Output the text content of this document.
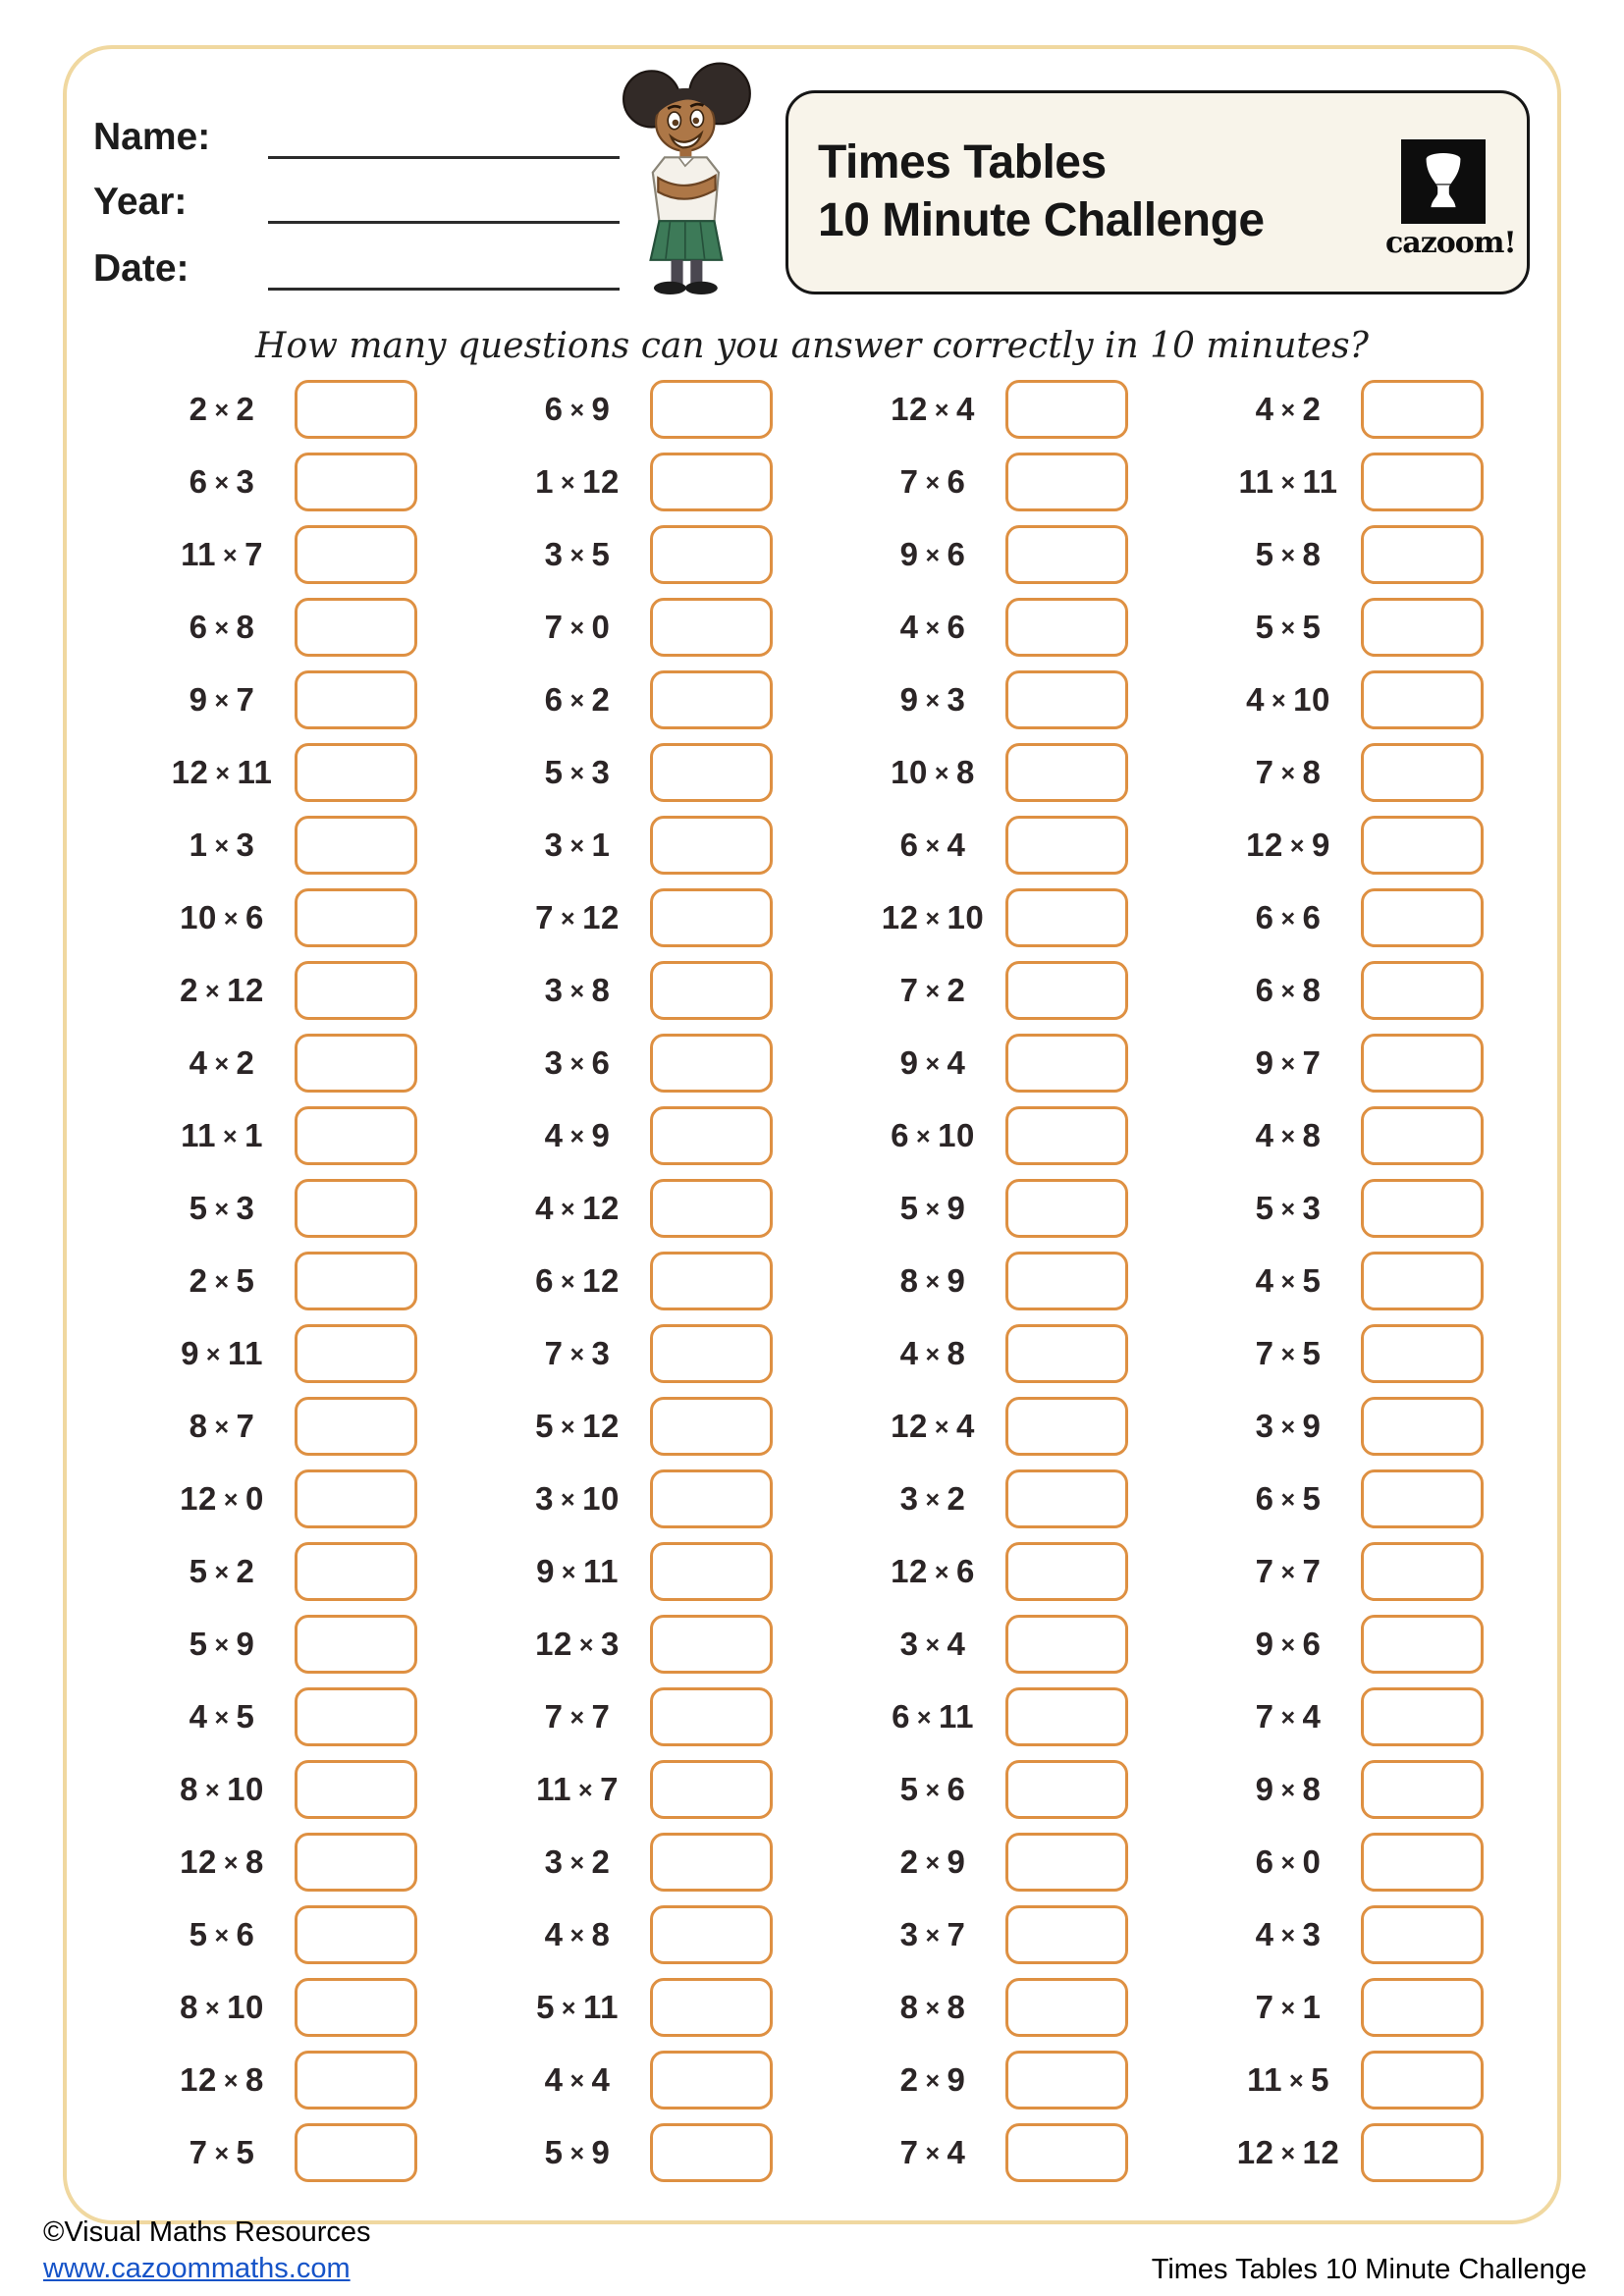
Name:
Year:
Date:
Times Tables
10 Minute Challenge	cazoom!
How many questions can you answer correctly in 10 minutes?
2 × 2
6 × 3
11 × 7
6 × 8
9 × 7
12 × 11
1 × 3
10 × 6
2 × 12
4 × 2
11 × 1
5 × 3
2 × 5
9 × 11
8 × 7
12 × 0
5 × 2
5 × 9
4 × 5
8 × 10
12 × 8
5 × 6
8 × 10
12 × 8
7 × 5
6 × 9
1 × 12
3 × 5
7 × 0
6 × 2
5 × 3
3 × 1
7 × 12
3 × 8
3 × 6
4 × 9
4 × 12
6 × 12
7 × 3
5 × 12
3 × 10
9 × 11
12 × 3
7 × 7
11 × 7
3 × 2
4 × 8
5 × 11
4 × 4
5 × 9
12 × 4
7 × 6
9 × 6
4 × 6
9 × 3
10 × 8
6 × 4
12 × 10
7 × 2
9 × 4
6 × 10
5 × 9
8 × 9
4 × 8
12 × 4
3 × 2
12 × 6
3 × 4
6 × 11
5 × 6
2 × 9
3 × 7
8 × 8
2 × 9
7 × 4
4 × 2
11 × 11
5 × 8
5 × 5
4 × 10
7 × 8
12 × 9
6 × 6
6 × 8
9 × 7
4 × 8
5 × 3
4 × 5
7 × 5
3 × 9
6 × 5
7 × 7
9 × 6
7 × 4
9 × 8
6 × 0
4 × 3
7 × 1
11 × 5
12 × 12
©Visual Maths Resources
www.cazoommaths.com	Times Tables 10 Minute Challenge
